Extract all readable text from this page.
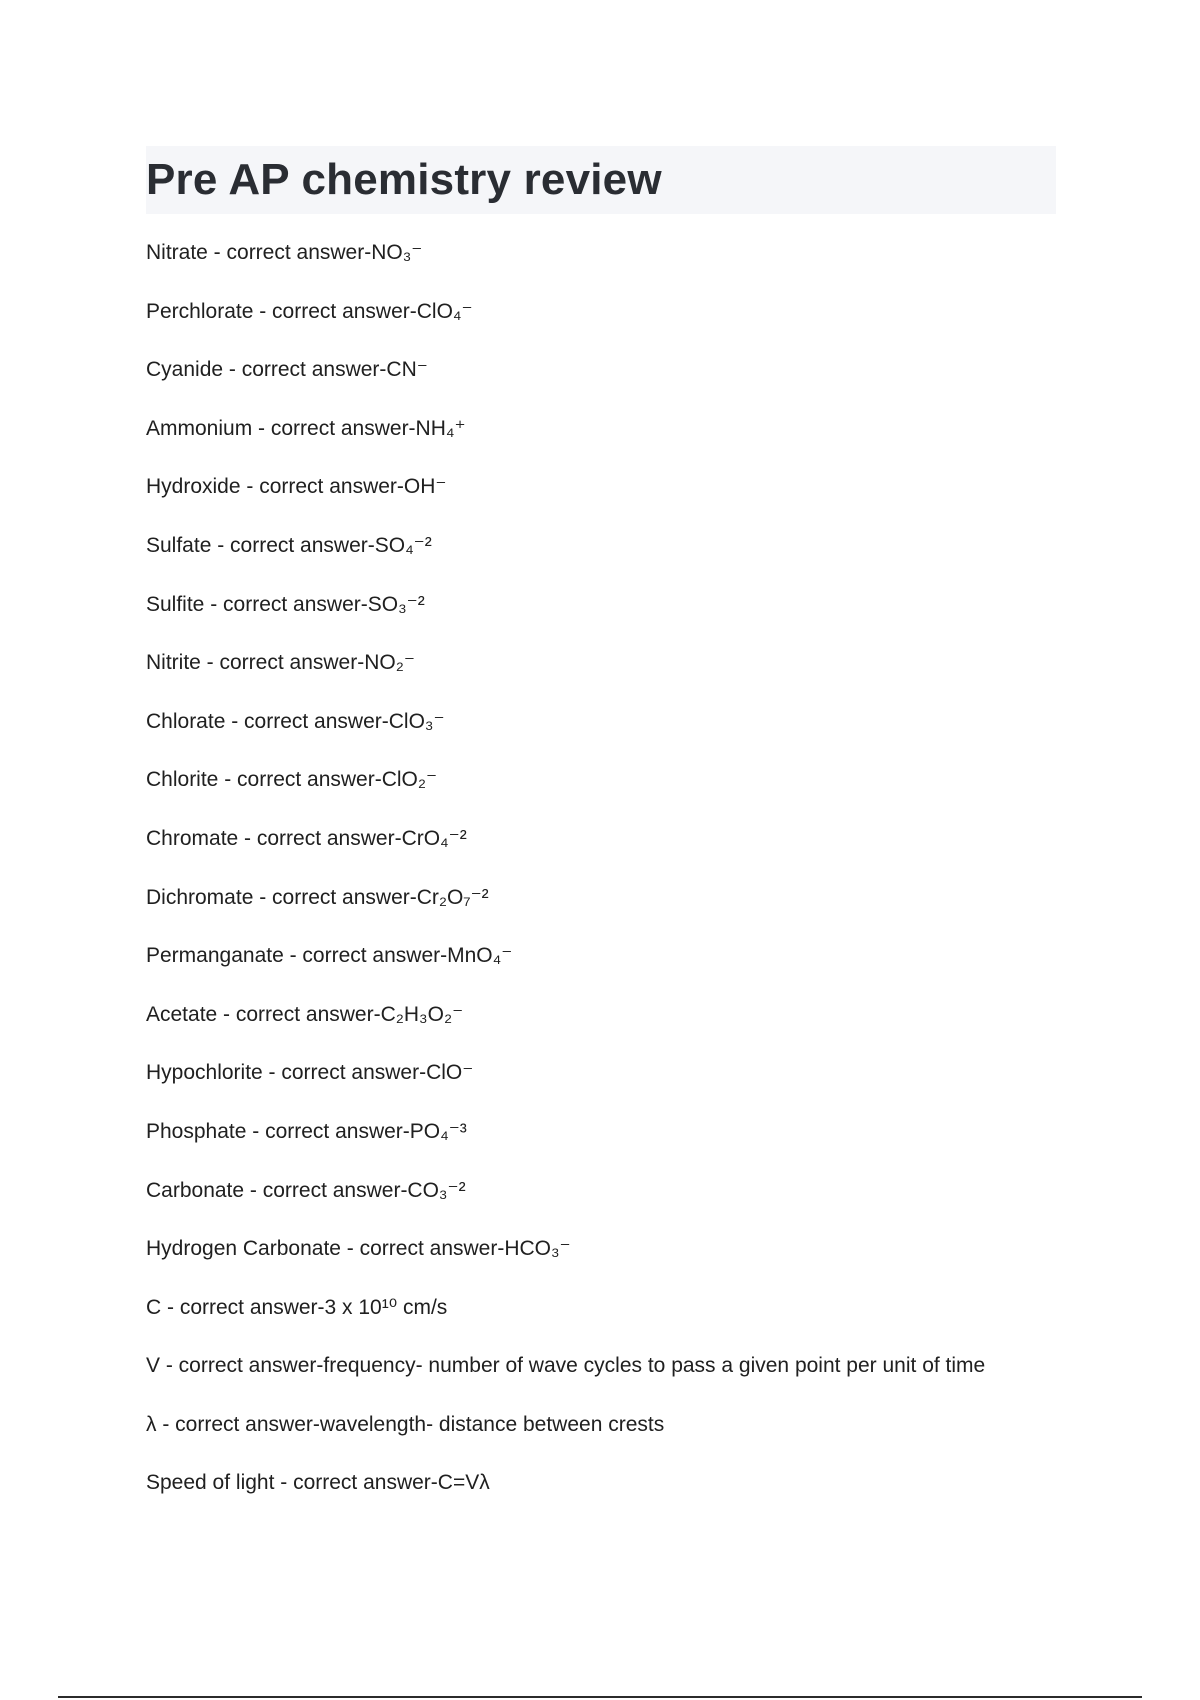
Pre AP chemistry review
Nitrate - correct answer-NO₃⁻
Perchlorate - correct answer-ClO₄⁻
Cyanide - correct answer-CN⁻
Ammonium - correct answer-NH₄⁺
Hydroxide - correct answer-OH⁻
Sulfate - correct answer-SO₄⁻²
Sulfite - correct answer-SO₃⁻²
Nitrite - correct answer-NO₂⁻
Chlorate - correct answer-ClO₃⁻
Chlorite - correct answer-ClO₂⁻
Chromate - correct answer-CrO₄⁻²
Dichromate - correct answer-Cr₂O₇⁻²
Permanganate - correct answer-MnO₄⁻
Acetate - correct answer-C₂H₃O₂⁻
Hypochlorite - correct answer-ClO⁻
Phosphate - correct answer-PO₄⁻³
Carbonate - correct answer-CO₃⁻²
Hydrogen Carbonate - correct answer-HCO₃⁻
C - correct answer-3 x 10¹⁰ cm/s
V - correct answer-frequency- number of wave cycles to pass a given point per unit of time
λ - correct answer-wavelength- distance between crests
Speed of light - correct answer-C=Vλ
